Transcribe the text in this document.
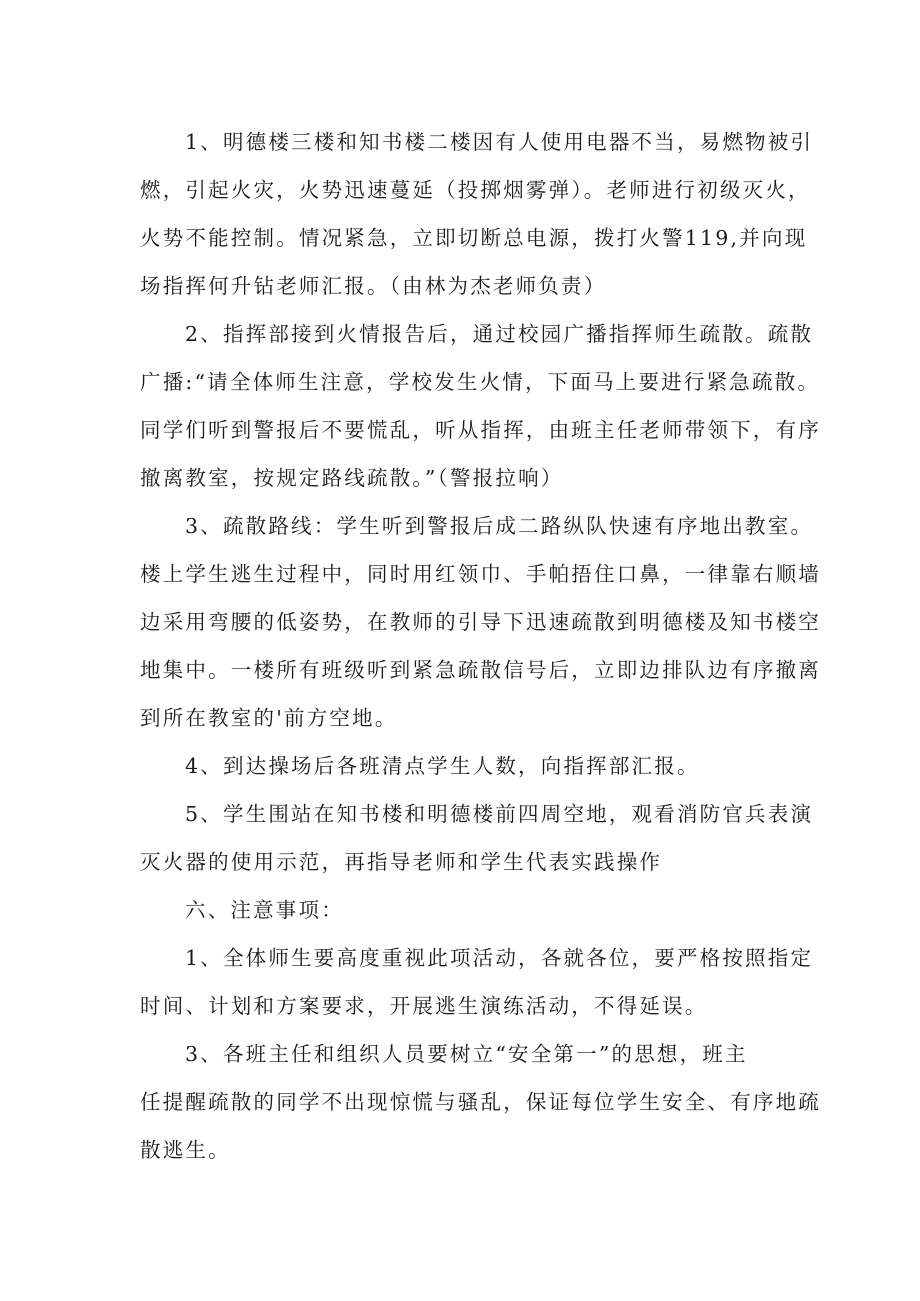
1、明德楼三楼和知书楼二楼因有人使用电器不当，易燃物被引
燃，引起火灾，火势迅速蔓延（投掷烟雾弹）。老师进行初级灭火，
火势不能控制。情况紧急，立即切断总电源，拨打火警119,并向现
场指挥何升钻老师汇报。（由林为杰老师负责）
2、指挥部接到火情报告后，通过校园广播指挥师生疏散。疏散
广播:“请全体师生注意，学校发生火情，下面马上要进行紧急疏散。
同学们听到警报后不要慌乱，听从指挥，由班主任老师带领下，有序
撤离教室，按规定路线疏散。”（警报拉响）
3、疏散路线：学生听到警报后成二路纵队快速有序地出教室。
楼上学生逃生过程中，同时用红领巾、手帕捂住口鼻，一律靠右顺墙
边采用弯腰的低姿势，在教师的引导下迅速疏散到明德楼及知书楼空
地集中。一楼所有班级听到紧急疏散信号后，立即边排队边有序撤离
到所在教室的'前方空地。
4、到达操场后各班清点学生人数，向指挥部汇报。
5、学生围站在知书楼和明德楼前四周空地，观看消防官兵表演
灭火器的使用示范，再指导老师和学生代表实践操作
六、注意事项：
1、全体师生要高度重视此项活动，各就各位，要严格按照指定
时间、计划和方案要求，开展逃生演练活动，不得延误。
3、各班主任和组织人员要树立“安全第一”的思想，班主
任提醒疏散的同学不出现惊慌与骚乱，保证每位学生安全、有序地疏
散逃生。
